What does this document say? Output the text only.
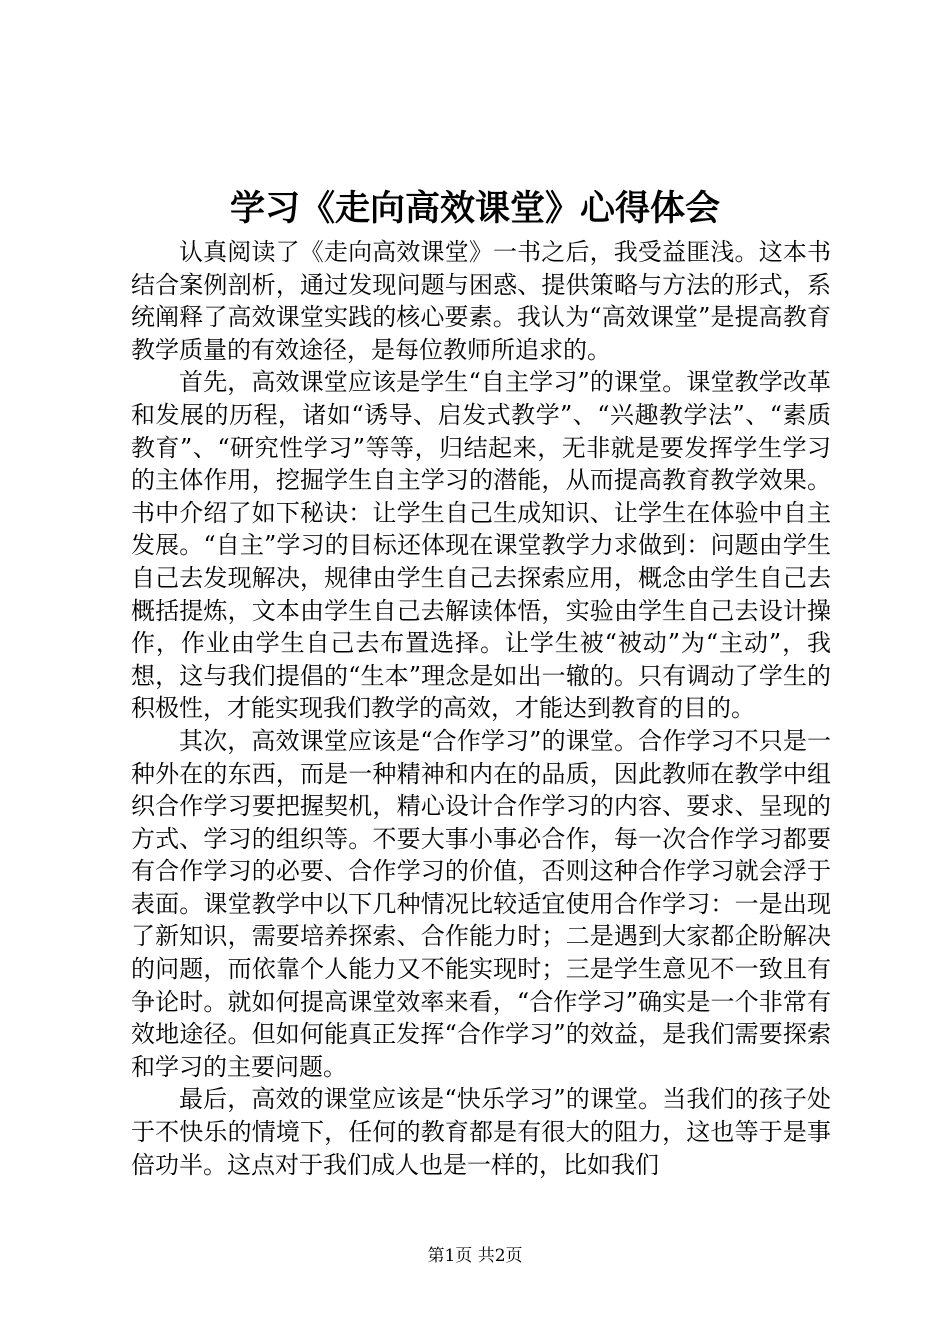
学习《走向高效课堂》心得体会

认真阅读了《走向高效课堂》一书之后，我受益匪浅。这本书结合案例剖析，通过发现问题与困惑、提供策略与方法的形式，系统阐释了高效课堂实践的核心要素。我认为“高效课堂”是提高教育教学质量的有效途径，是每位教师所追求的。

首先，高效课堂应该是学生“自主学习”的课堂。课堂教学改革和发展的历程，诸如“诱导、启发式教学”、“兴趣教学法”、“素质教育”、“研究性学习”等等，归结起来，无非就是要发挥学生学习的主体作用，挖掘学生自主学习的潜能，从而提高教育教学效果。书中介绍了如下秘诀：让学生自己生成知识、让学生在体验中自主发展。“自主”学习的目标还体现在课堂教学力求做到：问题由学生自己去发现解决，规律由学生自己去探索应用，概念由学生自己去概括提炼，文本由学生自己去解读体悟，实验由学生自己去设计操作，作业由学生自己去布置选择。让学生被“被动”为“主动”，我想，这与我们提倡的“生本”理念是如出一辙的。只有调动了学生的积极性，才能实现我们教学的高效，才能达到教育的目的。

其次，高效课堂应该是“合作学习”的课堂。合作学习不只是一种外在的东西，而是一种精神和内在的品质，因此教师在教学中组织合作学习要把握契机，精心设计合作学习的内容、要求、呈现的方式、学习的组织等。不要大事小事必合作，每一次合作学习都要有合作学习的必要、合作学习的价值，否则这种合作学习就会浮于表面。课堂教学中以下几种情况比较适宜使用合作学习：一是出现了新知识，需要培养探索、合作能力时；二是遇到大家都企盼解决的问题，而依靠个人能力又不能实现时；三是学生意见不一致且有争论时。就如何提高课堂效率来看，“合作学习”确实是一个非常有效地途径。但如何能真正发挥“合作学习”的效益，是我们需要探索和学习的主要问题。

最后，高效的课堂应该是“快乐学习”的课堂。当我们的孩子处于不快乐的情境下，任何的教育都是有很大的阻力，这也等于是事倍功半。这点对于我们成人也是一样的，比如我们

第1页 共2页
